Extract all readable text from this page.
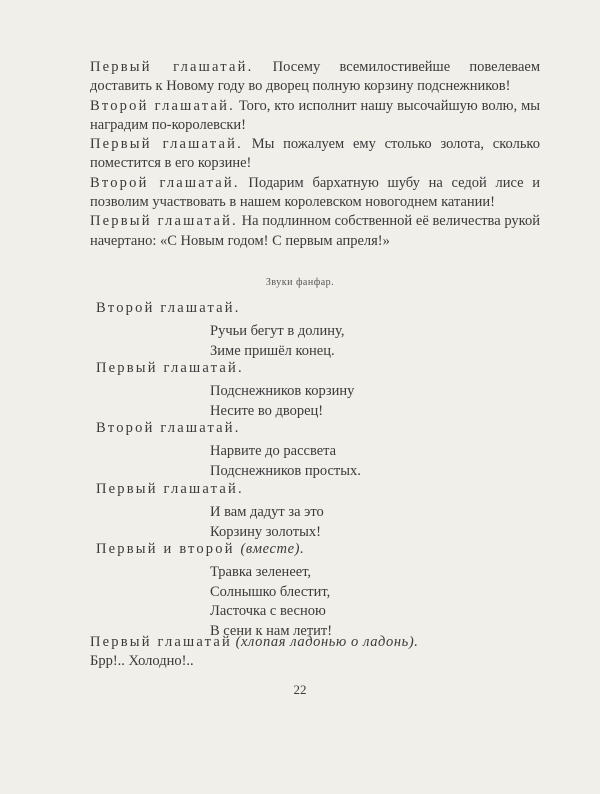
Первый глашатай. Посему всемилостивейше повелеваем доставить к Новому году во дворец полную корзину подснежников!

Второй глашатай. Того, кто исполнит нашу высочайшую волю, мы наградим по-королевски!

Первый глашатай. Мы пожалуем ему столько золота, сколько поместится в его корзине!

Второй глашатай. Подарим бархатную шубу на седой лисе и позволим участвовать в нашем королевском новогоднем катании!

Первый глашатай. На подлинном собственной её величества рукой начертано: «С Новым годом! С первым апреля!»

Звуки фанфар.
Второй глашатай.
Ручьи бегут в долину,
Зиме пришёл конец.
Первый глашатай.
Подснежников корзину
Несите во дворец!
Второй глашатай.
Нарвите до рассвета
Подснежников простых.
Первый глашатай.
И вам дадут за это
Корзину золотых!
Первый и второй (вместе).
Травка зеленеет,
Солнышко блестит,
Ласточка с весною
В сени к нам летит!

Первый глашатай (хлопая ладонью о ладонь).

Брр!.. Холодно!..

22
